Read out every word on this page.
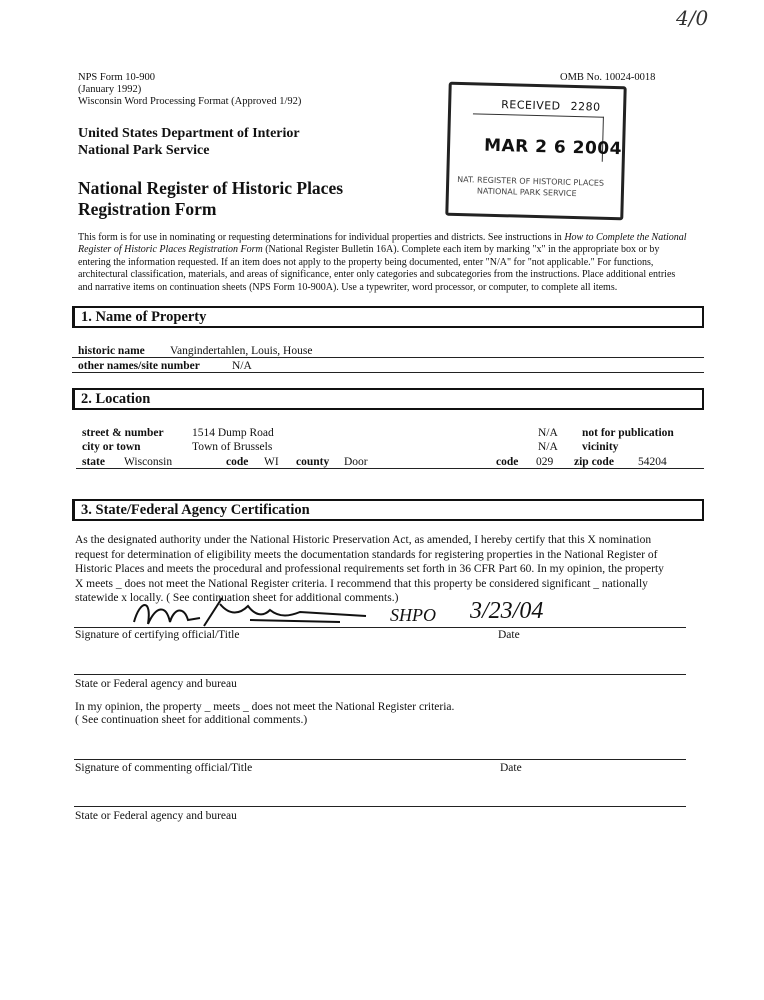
4/0
NPS Form 10-900
(January 1992)
Wisconsin Word Processing Format (Approved 1/92)
OMB No. 10024-0018
United States Department of Interior
National Park Service
National Register of Historic Places
Registration Form
RECEIVED 2280
MAR 2 6 2004
NAT. REGISTER OF HISTORIC PLACES
NATIONAL PARK SERVICE
This form is for use in nominating or requesting determinations for individual properties and districts. See instructions in How to Complete the National
Register of Historic Places Registration Form (National Register Bulletin 16A). Complete each item by marking "x" in the appropriate box or by
entering the information requested. If an item does not apply to the property being documented, enter "N/A" for "not applicable." For functions,
architectural classification, materials, and areas of significance, enter only categories and subcategories from the instructions. Place additional entries
and narrative items on continuation sheets (NPS Form 10-900A). Use a typewriter, word processor, or computer, to complete all items.
1. Name of Property
historic name Vangindertahlen, Louis, House
other names/site number	N/A
2. Location
street & number 1514 Dump Road	N/A not for publication
city or town	Town of Brussels	N/A vicinity
state Wisconsin	code WI county Door	code 029 zip code 54204
3. State/Federal Agency Certification
As the designated authority under the National Historic Preservation Act, as amended, I hereby certify that this X nomination
request for determination of eligibility meets the documentation standards for registering properties in the National Register of
Historic Places and meets the procedural and professional requirements set forth in 36 CFR Part 60. In my opinion, the property
X meets _ does not meet the National Register criteria. I recommend that this property be considered significant _ nationally
statewide x locally. ( See continuation sheet for additional comments.)
SHPO 3/23/04
Signature of certifying official/Title	Date
State or Federal agency and bureau
In my opinion, the property _ meets _ does not meet the National Register criteria.
( See continuation sheet for additional comments.)
Signature of commenting official/Title	Date
State or Federal agency and bureau
